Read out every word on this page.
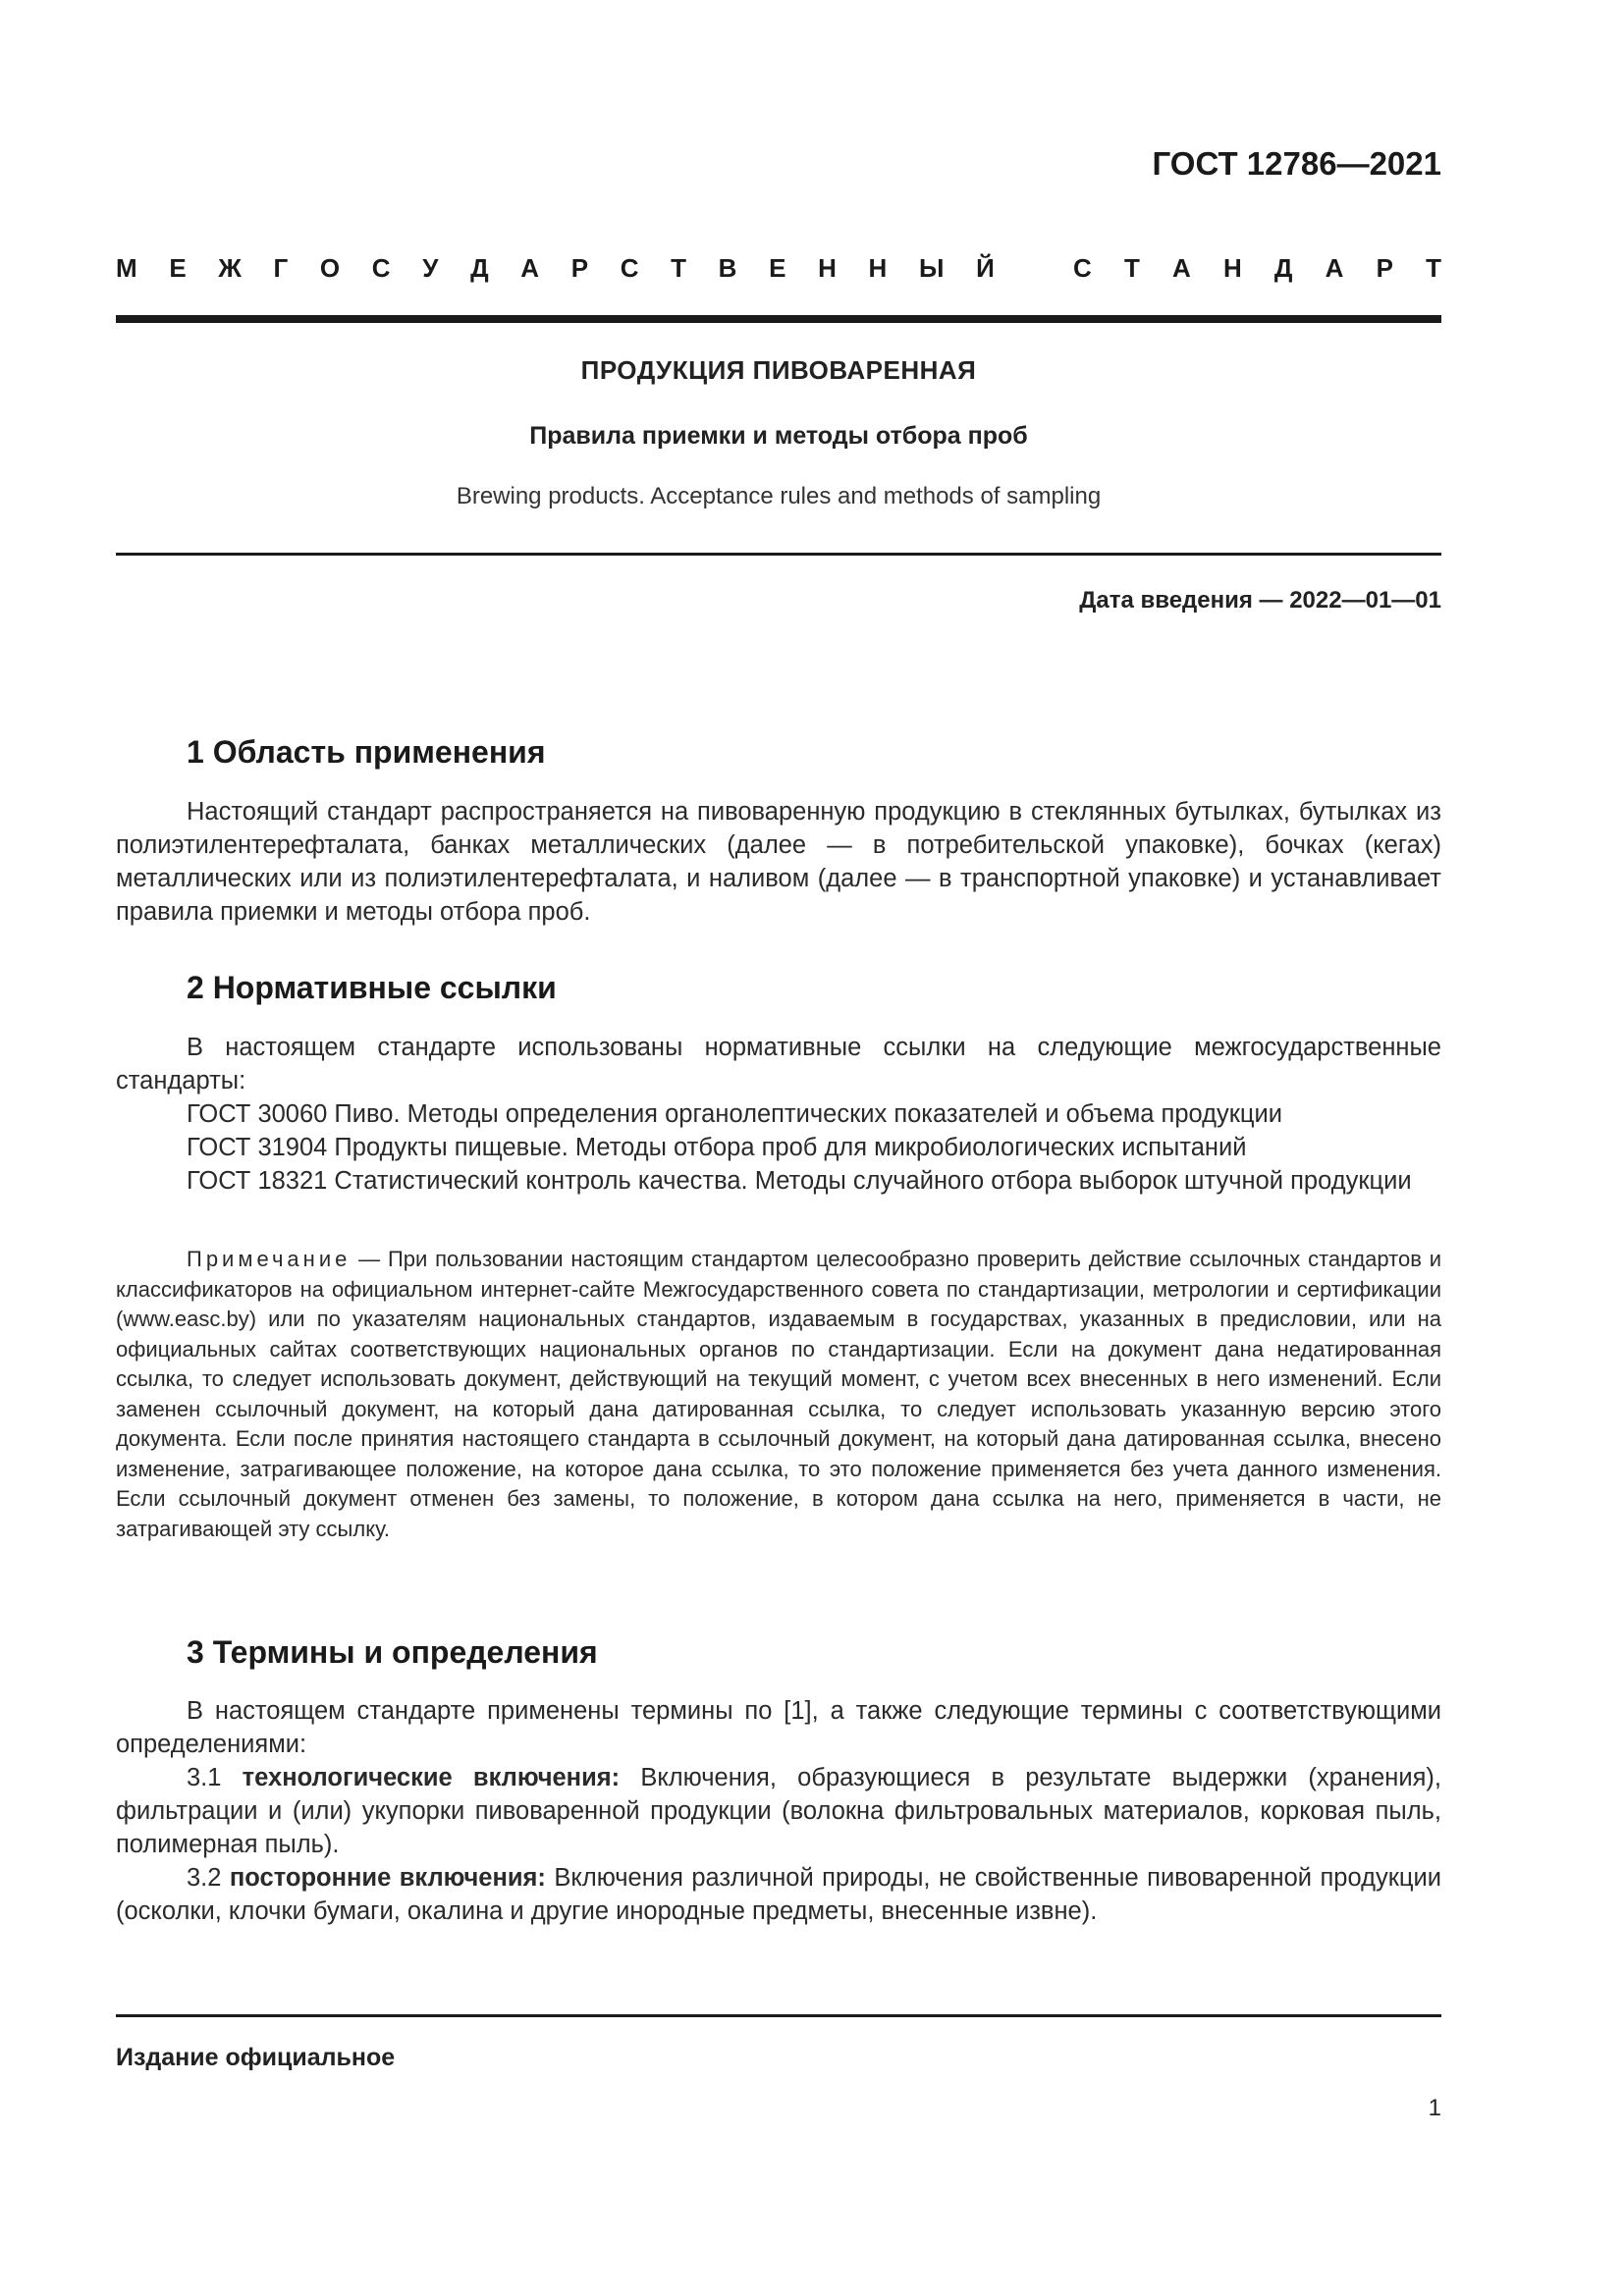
ГОСТ 12786—2021
М Е Ж Г О С У Д А Р С Т В Е Н Н Ы Й	С Т А Н Д А Р Т
ПРОДУКЦИЯ ПИВОВАРЕННАЯ
Правила приемки и методы отбора проб
Brewing products. Acceptance rules and methods of sampling
Дата введения — 2022—01—01
1 Область применения

Настоящий стандарт распространяется на пивоваренную продукцию в стеклянных бутылках, бутылках из полиэтилентерефталата, банках металлических (далее — в потребительской упаковке), бочках (кегах) металлических или из полиэтилентерефталата, и наливом (далее — в транспортной упаковке) и устанавливает правила приемки и методы отбора проб.

2 Нормативные ссылки

В настоящем стандарте использованы нормативные ссылки на следующие межгосударственные стандарты:

ГОСТ 30060 Пиво. Методы определения органолептических показателей и объема продукции

ГОСТ 31904 Продукты пищевые. Методы отбора проб для микробиологических испытаний

ГОСТ 18321 Статистический контроль качества. Методы случайного отбора выборок штучной продукции

Примечание — При пользовании настоящим стандартом целесообразно проверить действие ссылочных стандартов и классификаторов на официальном интернет-сайте Межгосударственного совета по стандартизации, метрологии и сертификации (www.easc.by) или по указателям национальных стандартов, издаваемым в государствах, указанных в предисловии, или на официальных сайтах соответствующих национальных органов по стандартизации. Если на документ дана недатированная ссылка, то следует использовать документ, действующий на текущий момент, с учетом всех внесенных в него изменений. Если заменен ссылочный документ, на который дана датированная ссылка, то следует использовать указанную версию этого документа. Если после принятия настоящего стандарта в ссылочный документ, на который дана датированная ссылка, внесено изменение, затрагивающее положение, на которое дана ссылка, то это положение применяется без учета данного изменения. Если ссылочный документ отменен без замены, то положение, в котором дана ссылка на него, применяется в части, не затрагивающей эту ссылку.

3 Термины и определения

В настоящем стандарте применены термины по [1], а также следующие термины с соответствующими определениями:

3.1 технологические включения: Включения, образующиеся в результате выдержки (хранения), фильтрации и (или) укупорки пивоваренной продукции (волокна фильтровальных материалов, корковая пыль, полимерная пыль).

3.2 посторонние включения: Включения различной природы, не свойственные пивоваренной продукции (осколки, клочки бумаги, окалина и другие инородные предметы, внесенные извне).

Издание официальное
1
